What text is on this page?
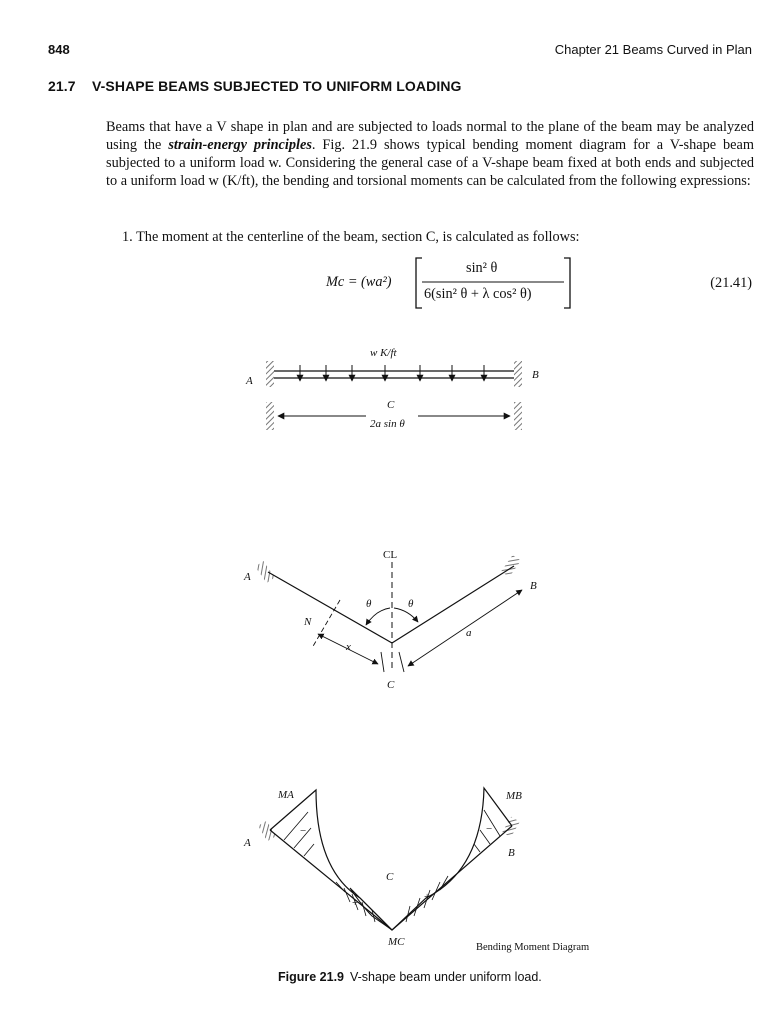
848	Chapter 21 Beams Curved in Plan
21.7 V-SHAPE BEAMS SUBJECTED TO UNIFORM LOADING
Beams that have a V shape in plan and are subjected to loads normal to the plane of the beam may be analyzed using the strain-energy principles. Fig. 21.9 shows typical bending moment diagram for a V-shape beam subjected to a uniform load w. Considering the general case of a V-shape beam fixed at both ends and subjected to a uniform load w (K/ft), the bending and torsional moments can be calculated from the following expressions:
1. The moment at the centerline of the beam, section C, is calculated as follows:
Mc = (wa²)
sin² θ
6(sin² θ + λ cos² θ)
(21.41)
w K/ft
A	B
C
2a sin θ
CL
A
B
θ	θ
N
x
a
C
MA	MB
A
B
C
MC
+	+
−	−
Bending Moment Diagram
Figure 21.9 V-shape beam under uniform load.
